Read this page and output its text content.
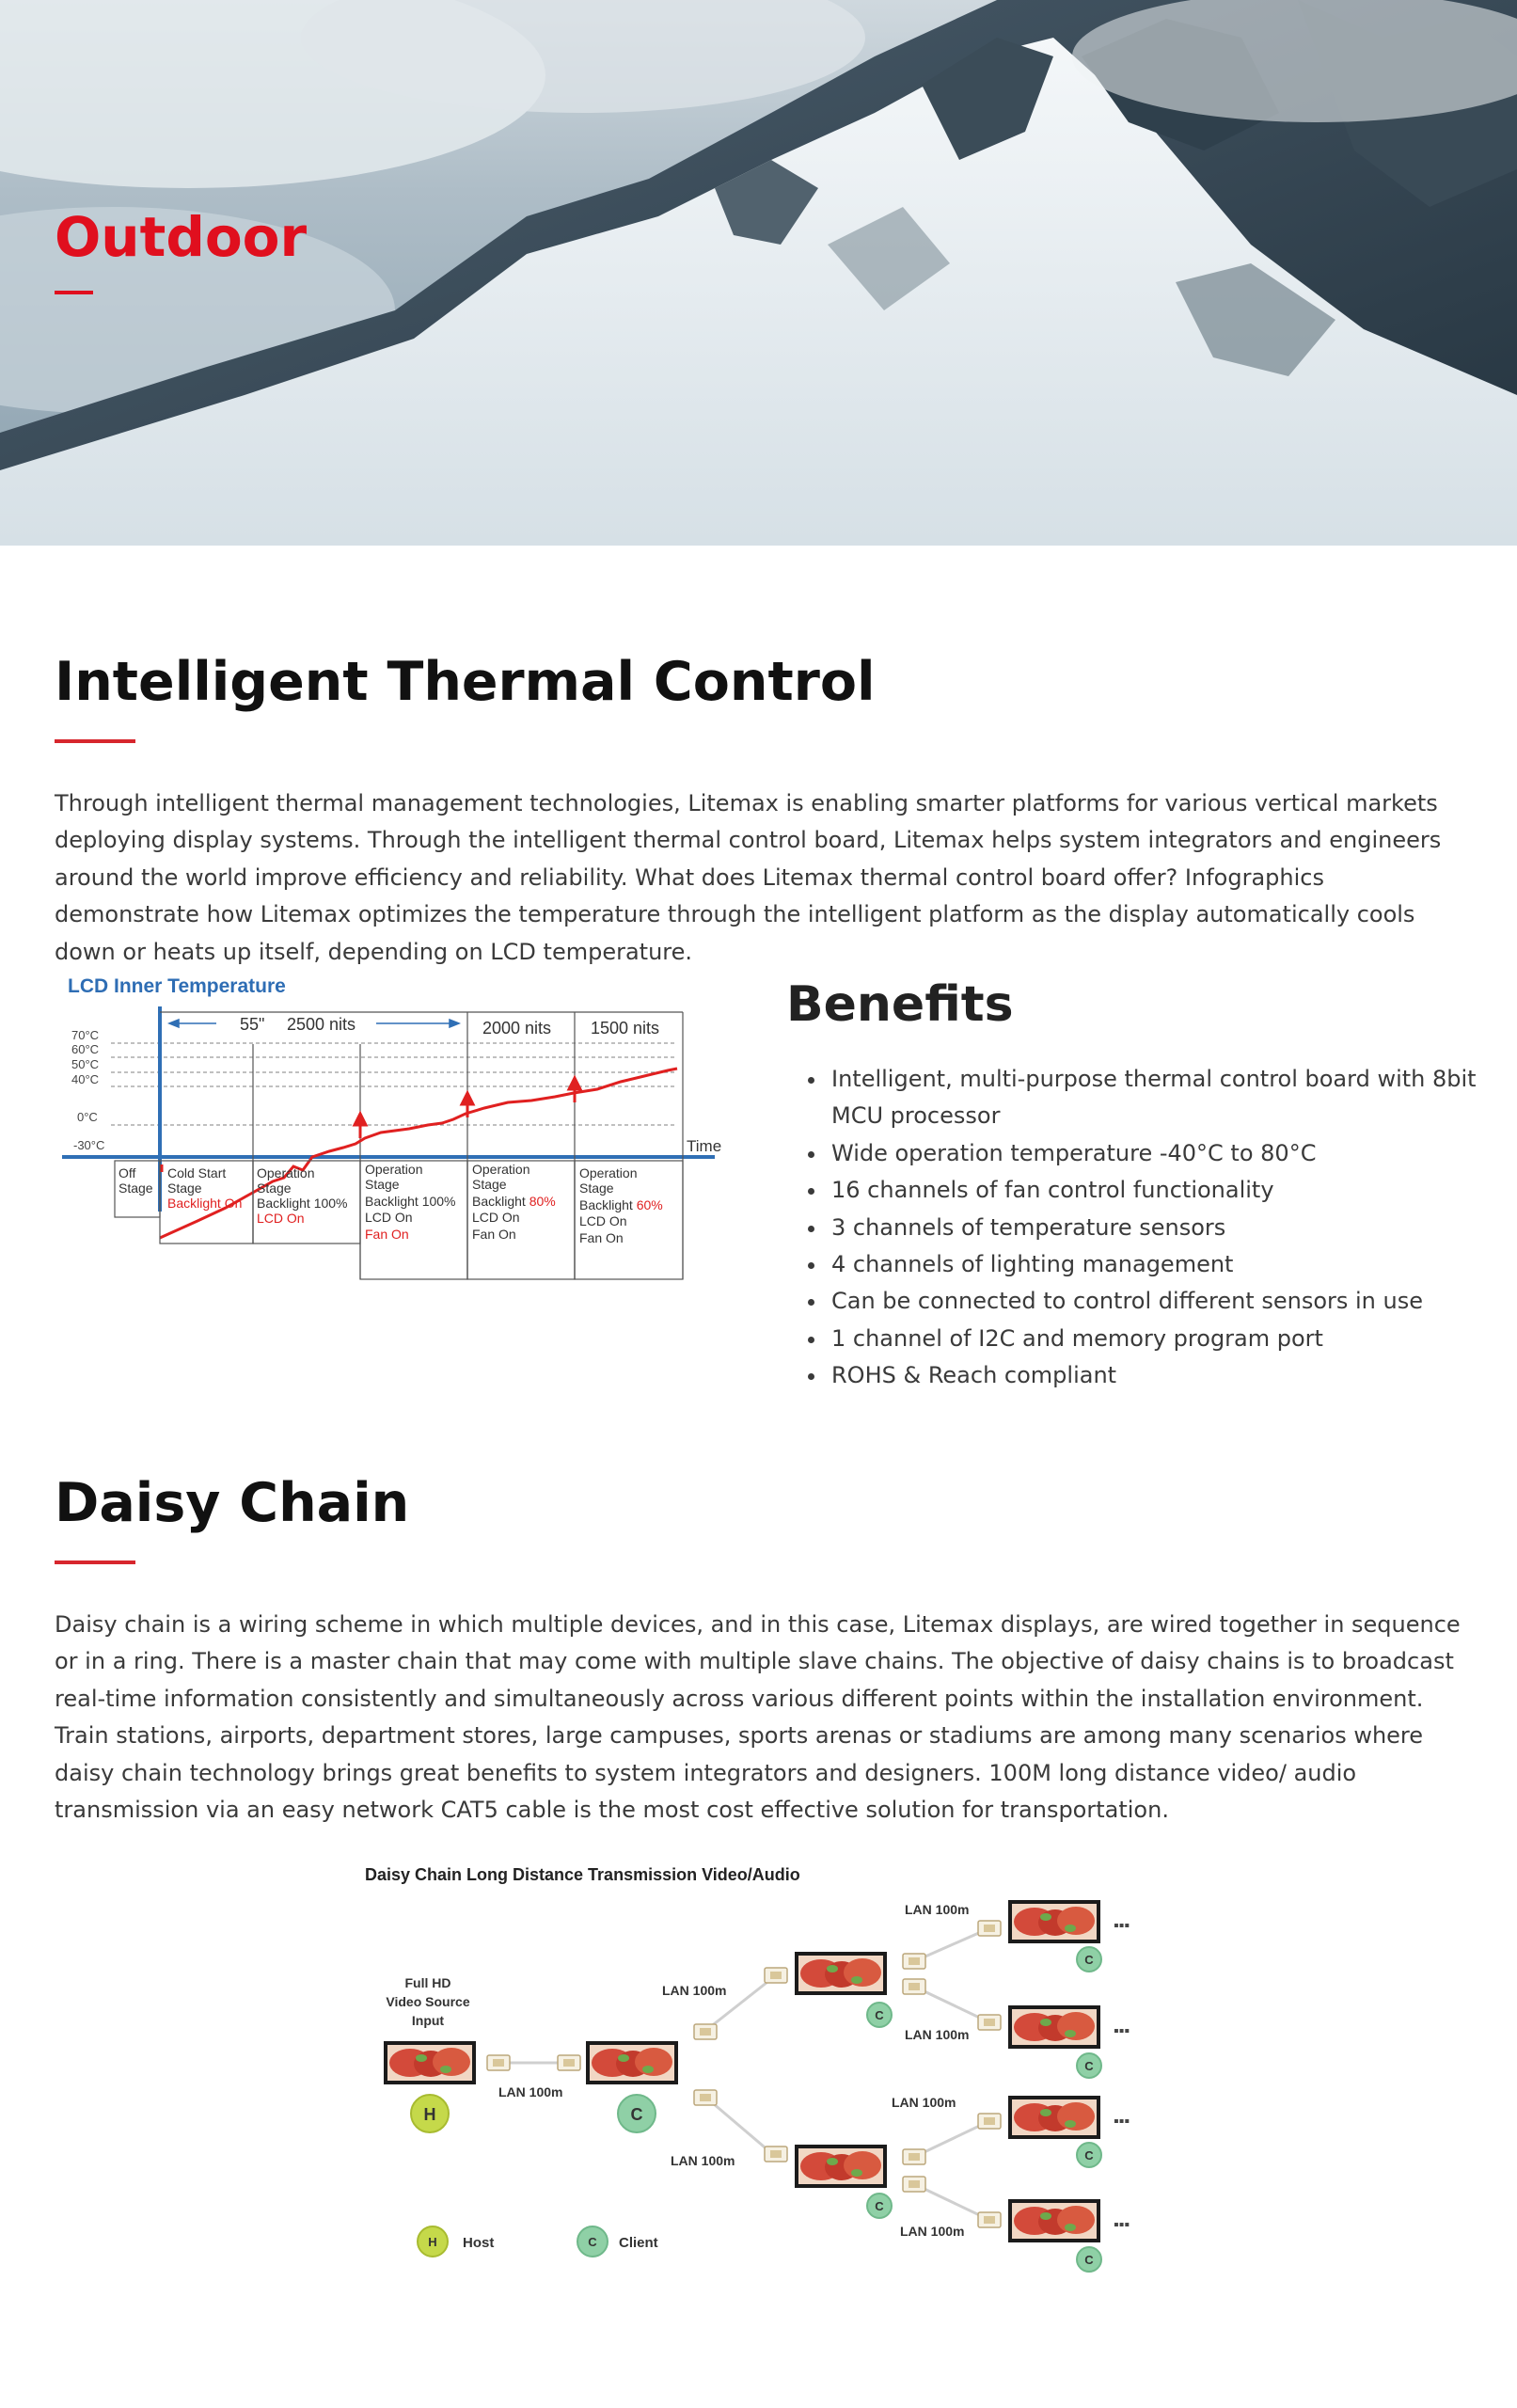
Outdoor
Intelligent Thermal Control

Through intelligent thermal management technologies, Litemax is enabling smarter platforms for various vertical markets deploying display systems. Through the intelligent thermal control board, Litemax helps system integrators and engineers around the world improve efficiency and reliability. What does Litemax thermal control board offer? Infographics demonstrate how Litemax optimizes the temperature through the intelligent platform as the display automatically cools down or heats up itself, depending on LCD temperature.

LCD Inner Temperature
70°C
60°C
50°C
40°C
0°C
-30°C	Time
55" 2500 nits	2000 nits 1500 nits
Off
Stage
Cold Start
Stage
Backlight On
Operation
Stage
Backlight 100%
LCD On
Operation
Stage
Backlight 100%
LCD On
Fan On
Operation
Stage
Backlight 80%
LCD On
Fan On
Operation
Stage
Backlight 60%
LCD On
Fan On
Benefits
• Intelligent, multi-purpose thermal control board with 8bit MCU processor
• Wide operation temperature -40°C to 80°C
• 16 channels of fan control functionality
• 3 channels of temperature sensors
• 4 channels of lighting management
• Can be connected to control different sensors in use
• 1 channel of I2C and memory program port
• ROHS & Reach compliant
Daisy Chain

Daisy chain is a wiring scheme in which multiple devices, and in this case, Litemax displays, are wired together in sequence or in a ring. There is a master chain that may come with multiple slave chains. The objective of daisy chains is to broadcast real-time information consistently and simultaneously across various different points within the installation environment. Train stations, airports, department stores, large campuses, sports arenas or stadiums are among many scenarios where daisy chain technology brings great benefits to system integrators and designers. 100M long distance video/ audio transmission via an easy network CAT5 cable is the most cost effective solution for transportation.

Daisy Chain Long Distance Transmission Video/Audio
Full HD
Video Source
Input
LAN 100m
LAN 100m
LAN 100m
LAN 100m
LAN 100m
LAN 100m
LAN 100m
▪▪▪
▪▪▪
▪▪▪
▪▪▪
H	C
C
C
C
C
C
C
H Host	C Client
